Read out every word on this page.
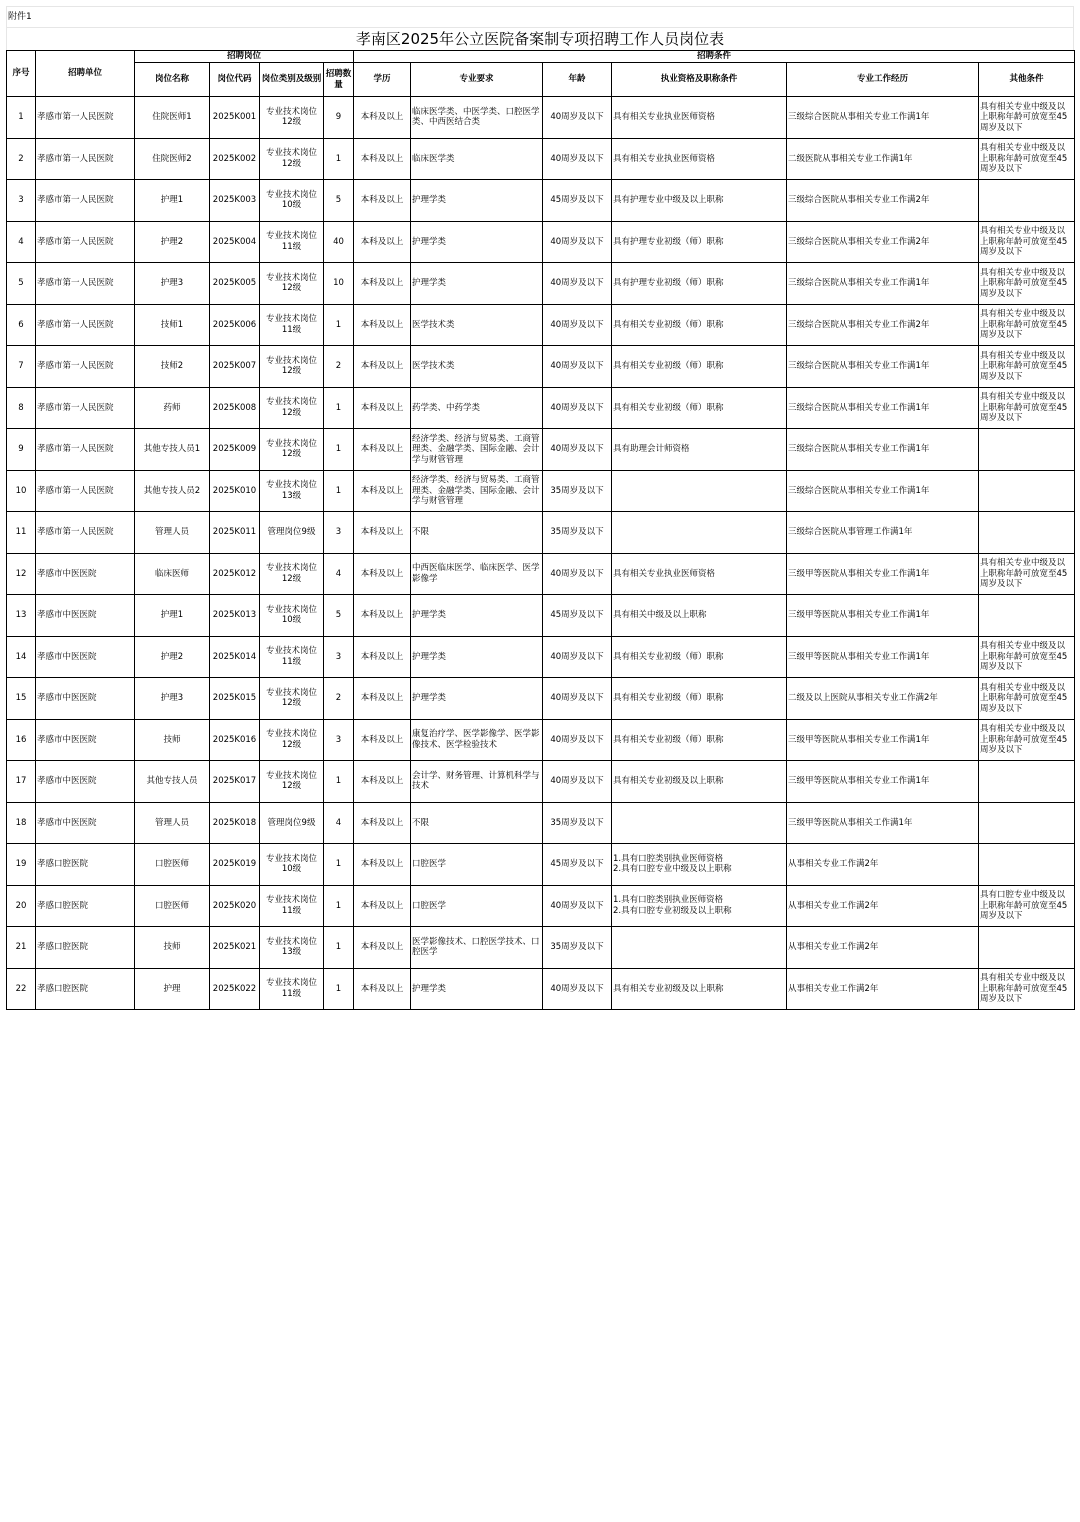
附件1
孝南区2025年公立医院备案制专项招聘工作人员岗位表
序号	招聘单位	招聘岗位				招聘条件					
		岗位名称	岗位代码	岗位类别及级别	招聘数量	学历	专业要求	年龄	执业资格及职称条件	专业工作经历	其他条件
1	孝感市第一人民医院	住院医师1	2025K001	专业技术岗位12级	9	本科及以上	临床医学类、中医学类、口腔医学类、中西医结合类	40周岁及以下	具有相关专业执业医师资格	三级综合医院从事相关专业工作满1年	具有相关专业中级及以上职称年龄可放宽至45周岁及以下
2	孝感市第一人民医院	住院医师2	2025K002	专业技术岗位12级	1	本科及以上	临床医学类	40周岁及以下	具有相关专业执业医师资格	二级医院从事相关专业工作满1年	具有相关专业中级及以上职称年龄可放宽至45周岁及以下
3	孝感市第一人民医院	护理1	2025K003	专业技术岗位10级	5	本科及以上	护理学类	45周岁及以下	具有护理专业中级及以上职称	三级综合医院从事相关专业工作满2年	
4	孝感市第一人民医院	护理2	2025K004	专业技术岗位11级	40	本科及以上	护理学类	40周岁及以下	具有护理专业初级（师）职称	三级综合医院从事相关专业工作满2年	具有相关专业中级及以上职称年龄可放宽至45周岁及以下
5	孝感市第一人民医院	护理3	2025K005	专业技术岗位12级	10	本科及以上	护理学类	40周岁及以下	具有护理专业初级（师）职称	三级综合医院从事相关专业工作满1年	具有相关专业中级及以上职称年龄可放宽至45周岁及以下
6	孝感市第一人民医院	技师1	2025K006	专业技术岗位11级	1	本科及以上	医学技术类	40周岁及以下	具有相关专业初级（师）职称	三级综合医院从事相关专业工作满2年	具有相关专业中级及以上职称年龄可放宽至45周岁及以下
7	孝感市第一人民医院	技师2	2025K007	专业技术岗位12级	2	本科及以上	医学技术类	40周岁及以下	具有相关专业初级（师）职称	三级综合医院从事相关专业工作满1年	具有相关专业中级及以上职称年龄可放宽至45周岁及以下
8	孝感市第一人民医院	药师	2025K008	专业技术岗位12级	1	本科及以上	药学类、中药学类	40周岁及以下	具有相关专业初级（师）职称	三级综合医院从事相关专业工作满1年	具有相关专业中级及以上职称年龄可放宽至45周岁及以下
9	孝感市第一人民医院	其他专技人员1	2025K009	专业技术岗位12级	1	本科及以上	经济学类、经济与贸易类、工商管理类、金融学类、国际金融、会计学与财管管理	40周岁及以下	具有助理会计师资格	三级综合医院从事相关专业工作满1年	
10	孝感市第一人民医院	其他专技人员2	2025K010	专业技术岗位13级	1	本科及以上	经济学类、经济与贸易类、工商管理类、金融学类、国际金融、会计学与财管管理	35周岁及以下		三级综合医院从事相关专业工作满1年	
11	孝感市第一人民医院	管理人员	2025K011	管理岗位9级	3	本科及以上	不限	35周岁及以下		三级综合医院从事管理工作满1年	
12	孝感市中医医院	临床医师	2025K012	专业技术岗位12级	4	本科及以上	中西医临床医学、临床医学、医学影像学	40周岁及以下	具有相关专业执业医师资格	三级甲等医院从事相关专业工作满1年	具有相关专业中级及以上职称年龄可放宽至45周岁及以下
13	孝感市中医医院	护理1	2025K013	专业技术岗位10级	5	本科及以上	护理学类	45周岁及以下	具有相关中级及以上职称	三级甲等医院从事相关专业工作满1年	
14	孝感市中医医院	护理2	2025K014	专业技术岗位11级	3	本科及以上	护理学类	40周岁及以下	具有相关专业初级（师）职称	三级甲等医院从事相关专业工作满1年	具有相关专业中级及以上职称年龄可放宽至45周岁及以下
15	孝感市中医医院	护理3	2025K015	专业技术岗位12级	2	本科及以上	护理学类	40周岁及以下	具有相关专业初级（师）职称	二级及以上医院从事相关专业工作满2年	具有相关专业中级及以上职称年龄可放宽至45周岁及以下
16	孝感市中医医院	技师	2025K016	专业技术岗位12级	3	本科及以上	康复治疗学、医学影像学、医学影像技术、医学检验技术	40周岁及以下	具有相关专业初级（师）职称	三级甲等医院从事相关专业工作满1年	具有相关专业中级及以上职称年龄可放宽至45周岁及以下
17	孝感市中医医院	其他专技人员	2025K017	专业技术岗位12级	1	本科及以上	会计学、财务管理、计算机科学与技术	40周岁及以下	具有相关专业初级及以上职称	三级甲等医院从事相关专业工作满1年	
18	孝感市中医医院	管理人员	2025K018	管理岗位9级	4	本科及以上	不限	35周岁及以下		三级甲等医院从事相关工作满1年	
19	孝感口腔医院	口腔医师	2025K019	专业技术岗位10级	1	本科及以上	口腔医学	45周岁及以下	1.具有口腔类别执业医师资格
2.具有口腔专业中级及以上职称	从事相关专业工作满2年	
20	孝感口腔医院	口腔医师	2025K020	专业技术岗位11级	1	本科及以上	口腔医学	40周岁及以下	1.具有口腔类别执业医师资格
2.具有口腔专业初级及以上职称	从事相关专业工作满2年	具有口腔专业中级及以上职称年龄可放宽至45周岁及以下
21	孝感口腔医院	技师	2025K021	专业技术岗位13级	1	本科及以上	医学影像技术、口腔医学技术、口腔医学	35周岁及以下		从事相关专业工作满2年	
22	孝感口腔医院	护理	2025K022	专业技术岗位11级	1	本科及以上	护理学类	40周岁及以下	具有相关专业初级及以上职称	从事相关专业工作满2年	具有相关专业中级及以上职称年龄可放宽至45周岁及以下
